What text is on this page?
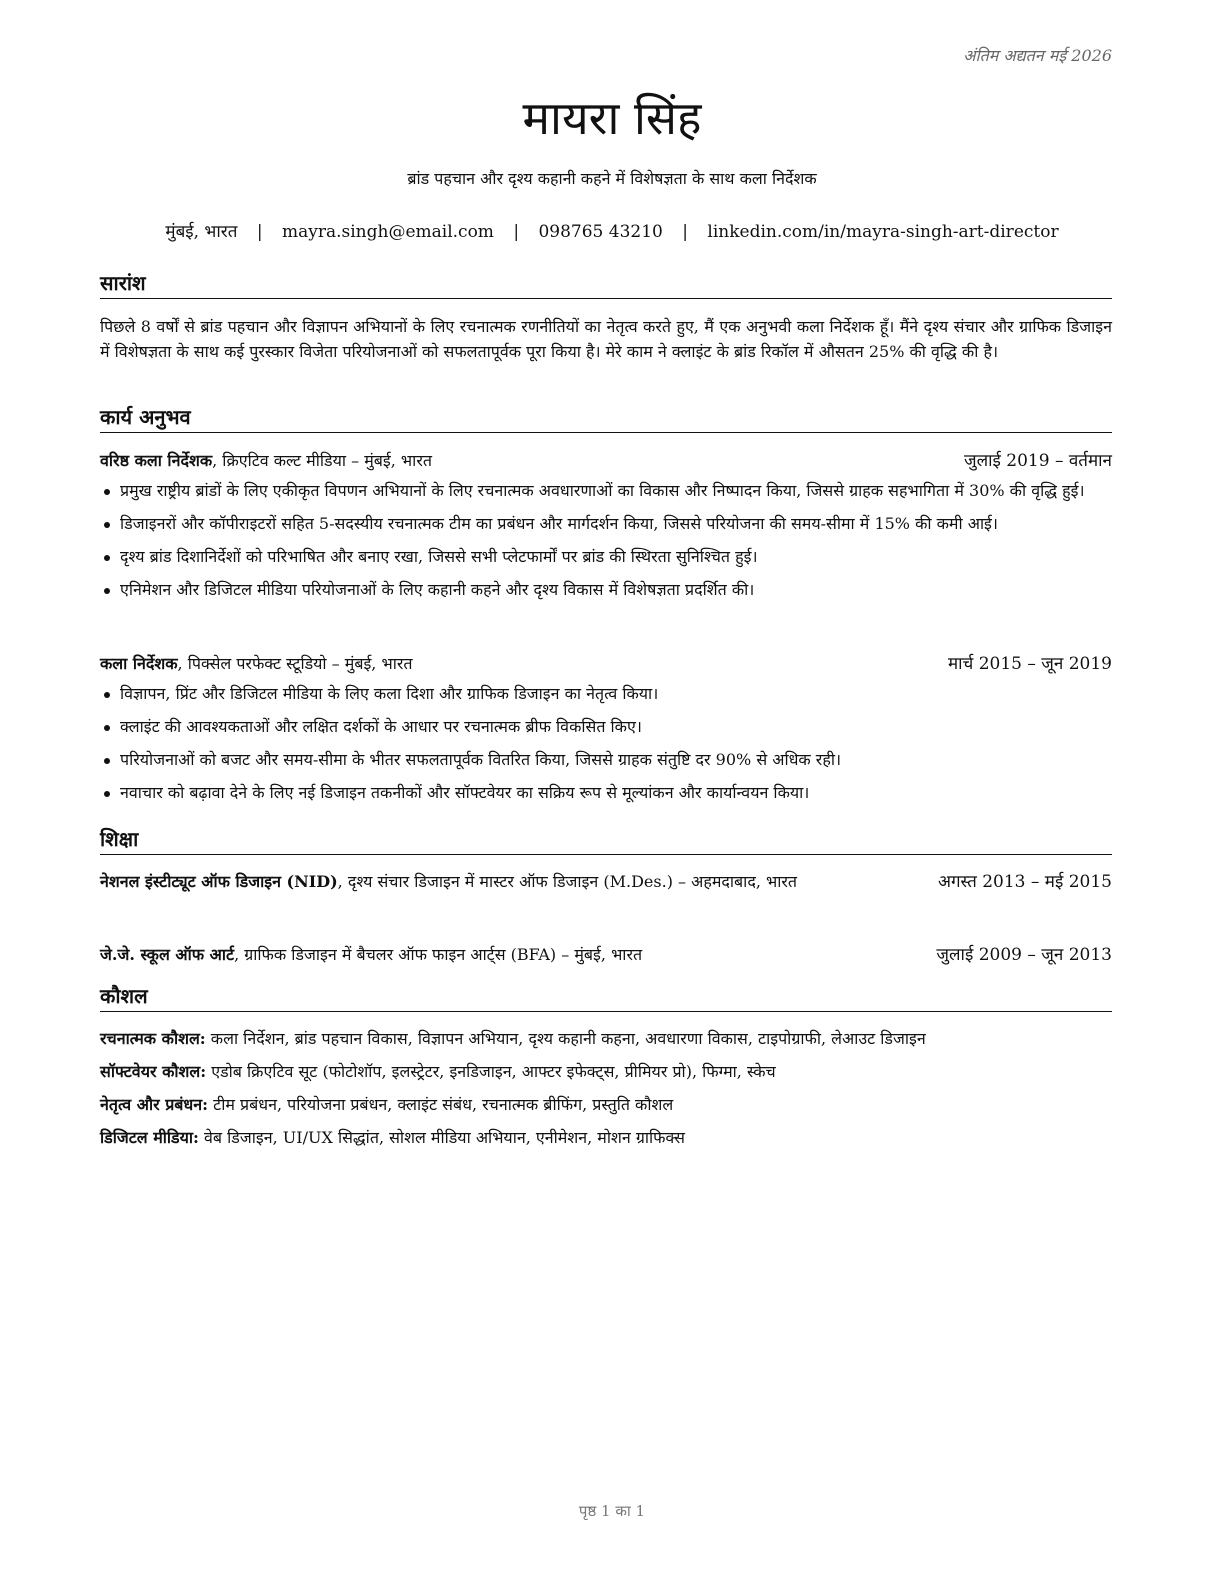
अंतिम अद्यतन मई 2026
मायरा सिंह
ब्रांड पहचान और दृश्य कहानी कहने में विशेषज्ञता के साथ कला निर्देशक
मुंबई, भारत | mayra.singh@email.com | 098765 43210 | linkedin.com/in/mayra-singh-art-director
सारांश
पिछले 8 वर्षों से ब्रांड पहचान और विज्ञापन अभियानों के लिए रचनात्मक रणनीतियों का नेतृत्व करते हुए, मैं एक अनुभवी कला निर्देशक हूँ। मैंने दृश्य संचार और ग्राफिक डिजाइन में विशेषज्ञता के साथ कई पुरस्कार विजेता परियोजनाओं को सफलतापूर्वक पूरा किया है। मेरे काम ने क्लाइंट के ब्रांड रिकॉल में औसतन 25% की वृद्धि की है।
कार्य अनुभव
वरिष्ठ कला निर्देशक, क्रिएटिव कल्ट मीडिया – मुंबई, भारत	जुलाई 2019 – वर्तमान
प्रमुख राष्ट्रीय ब्रांडों के लिए एकीकृत विपणन अभियानों के लिए रचनात्मक अवधारणाओं का विकास और निष्पादन किया, जिससे ग्राहक सहभागिता में 30% की वृद्धि हुई।
डिजाइनरों और कॉपीराइटरों सहित 5-सदस्यीय रचनात्मक टीम का प्रबंधन और मार्गदर्शन किया, जिससे परियोजना की समय-सीमा में 15% की कमी आई।
दृश्य ब्रांड दिशानिर्देशों को परिभाषित और बनाए रखा, जिससे सभी प्लेटफार्मों पर ब्रांड की स्थिरता सुनिश्चित हुई।
एनिमेशन और डिजिटल मीडिया परियोजनाओं के लिए कहानी कहने और दृश्य विकास में विशेषज्ञता प्रदर्शित की।
कला निर्देशक, पिक्सेल परफेक्ट स्टूडियो – मुंबई, भारत	मार्च 2015 – जून 2019
विज्ञापन, प्रिंट और डिजिटल मीडिया के लिए कला दिशा और ग्राफिक डिजाइन का नेतृत्व किया।
क्लाइंट की आवश्यकताओं और लक्षित दर्शकों के आधार पर रचनात्मक ब्रीफ विकसित किए।
परियोजनाओं को बजट और समय-सीमा के भीतर सफलतापूर्वक वितरित किया, जिससे ग्राहक संतुष्टि दर 90% से अधिक रही।
नवाचार को बढ़ावा देने के लिए नई डिजाइन तकनीकों और सॉफ्टवेयर का सक्रिय रूप से मूल्यांकन और कार्यान्वयन किया।
शिक्षा
नेशनल इंस्टीट्यूट ऑफ डिजाइन (NID), दृश्य संचार डिजाइन में मास्टर ऑफ डिजाइन (M.Des.) – अहमदाबाद, भारत	अगस्त 2013 – मई 2015
जे.जे. स्कूल ऑफ आर्ट, ग्राफिक डिजाइन में बैचलर ऑफ फाइन आर्ट्स (BFA) – मुंबई, भारत	जुलाई 2009 – जून 2013
कौशल
रचनात्मक कौशल: कला निर्देशन, ब्रांड पहचान विकास, विज्ञापन अभियान, दृश्य कहानी कहना, अवधारणा विकास, टाइपोग्राफी, लेआउट डिजाइन
सॉफ्टवेयर कौशल: एडोब क्रिएटिव सूट (फोटोशॉप, इलस्ट्रेटर, इनडिजाइन, आफ्टर इफेक्ट्स, प्रीमियर प्रो), फिग्मा, स्केच
नेतृत्व और प्रबंधन: टीम प्रबंधन, परियोजना प्रबंधन, क्लाइंट संबंध, रचनात्मक ब्रीफिंग, प्रस्तुति कौशल
डिजिटल मीडिया: वेब डिजाइन, UI/UX सिद्धांत, सोशल मीडिया अभियान, एनीमेशन, मोशन ग्राफिक्स
पृष्ठ 1 का 1
